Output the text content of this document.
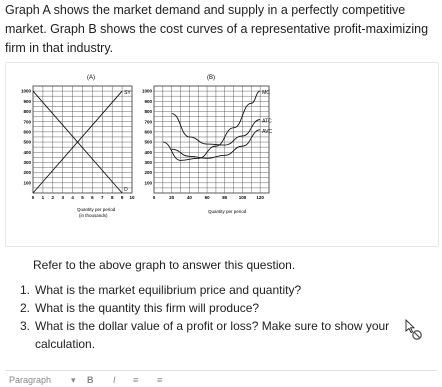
Graph A shows the market demand and supply in a perfectly competitive
market. Graph B shows the cost curves of a representative profit-maximizing
firm in that industry.
(A)	(B)
Quantity per period
(in thousands)
Quantity per period
100
200
300
400
500
600
700
800
900
1000
0 1 2 3 4 5 6 7 8 9 10
SY
D
100
200
300
400
500
600
700
800
900
1000
0	20	40	60	80	100 120
MC
ATC
AVC
Refer to the above graph to answer this question.
1. What is the market equilibrium price and quantity?
2. What is the quantity this firm will produce?
3. What is the dollar value of a profit or loss? Make sure to show your
calculation.
Paragraph ▾ B I ≡ ≡
